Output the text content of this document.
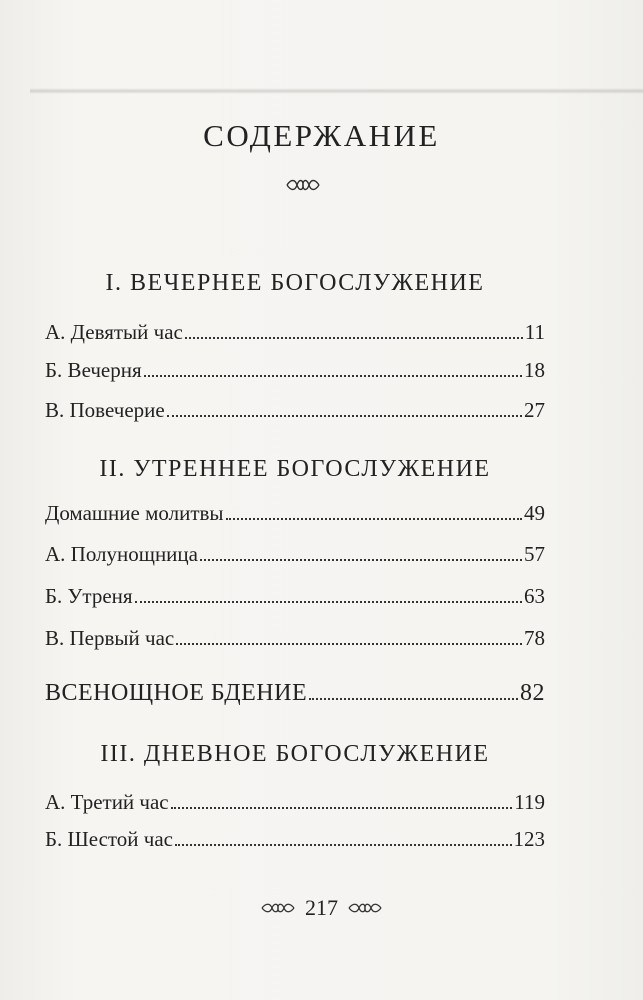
СОДЕРЖАНИЕ
I. ВЕЧЕРНЕЕ БОГОСЛУЖЕНИЕ
А. Девятый час	11
Б. Вечерня	18
В. Повечерие	27
II. УТРЕННЕЕ БОГОСЛУЖЕНИЕ
Домашние молитвы	49
А. Полунощница	57
Б. Утреня	63
В. Первый час	78
ВСЕНОЩНОЕ БДЕНИЕ	82
III. ДНЕВНОЕ БОГОСЛУЖЕНИЕ
А. Третий час	119
Б. Шестой час	123
217
